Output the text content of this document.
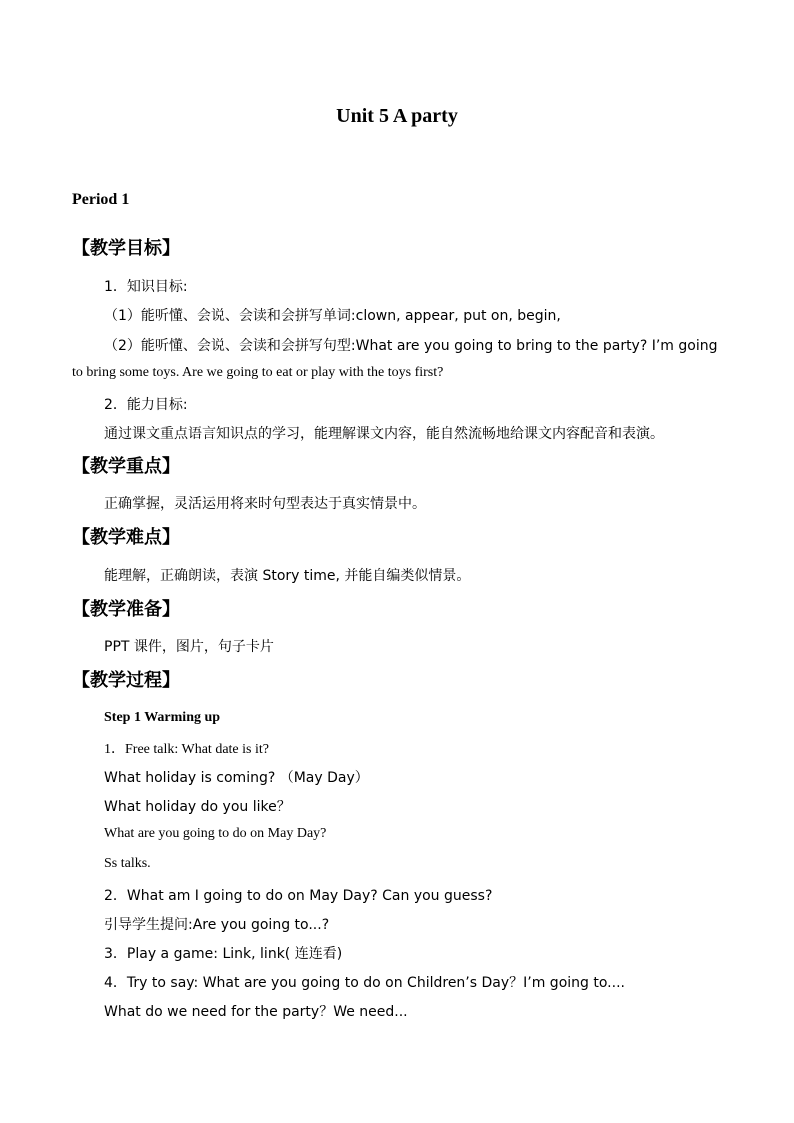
Unit 5 A party
Period 1
【教学目标】
1．知识目标:
（1）能听懂、会说、会读和会拼写单词:clown, appear, put on, begin,
（2）能听懂、会说、会读和会拼写句型:What are you going to bring to the party? I’m going
to bring some toys. Are we going to eat or play with the toys first?
2．能力目标:
通过课文重点语言知识点的学习，能理解课文内容，能自然流畅地给课文内容配音和表演。
【教学重点】
正确掌握，灵活运用将来时句型表达于真实情景中。
【教学难点】
能理解，正确朗读，表演 Story time, 并能自编类似情景。
【教学准备】
PPT 课件，图片，句子卡片
【教学过程】
Step 1 Warming up
1．Free talk: What date is it?
What holiday is coming? （May Day）
What holiday do you like？
What are you going to do on May Day?
Ss talks.
2．What am I going to do on May Day? Can you guess?
引导学生提问:Are you going to...?
3．Play a game: Link, link( 连连看)
4．Try to say: What are you going to do on Children’s Day？I’m going to....
What do we need for the party？We need...
